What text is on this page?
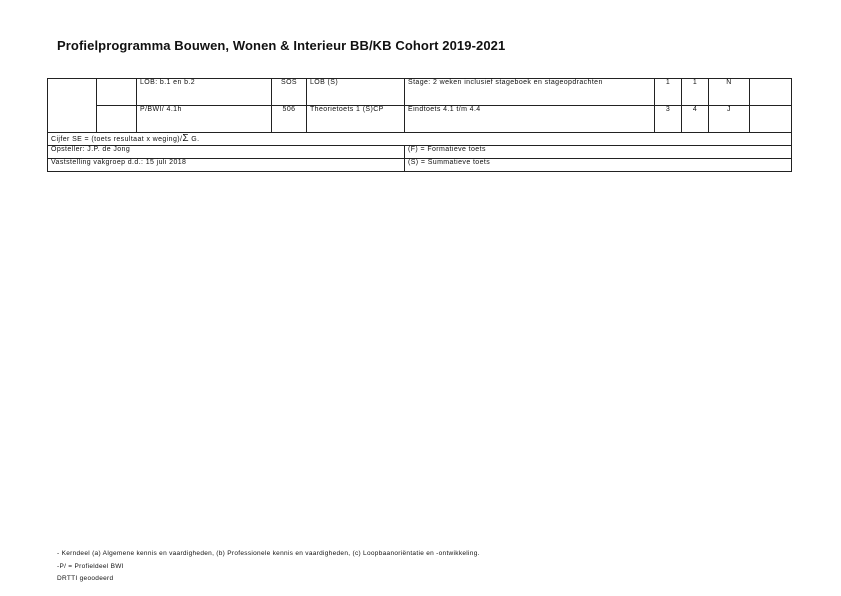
Profielprogramma Bouwen, Wonen & Interieur BB/KB Cohort 2019-2021
		LOB: b.1 en b.2	SOS	LOB (S)	Stage: 2 weken inclusief stageboek en stageopdrachten	1	1	N	
		P/BWI/ 4.1h	506	Theorietoets 1 (S)CP	Eindtoets 4.1 t/m 4.4	3	4	J	
Cijfer SE = (toets resultaat x weging)/Σ G.									
Opsteller: J.P. de Jong					(F) = Formatieve toets				
Vaststelling vakgroep d.d.: 15 juli 2018					(S) = Summatieve toets				
- Kerndeel (a) Algemene kennis en vaardigheden, (b) Professionele kennis en vaardigheden, (c) Loopbaanoriëntatie en -ontwikkeling.
-P/ = Profieldeel BWI
DRTTI geoodeerd
